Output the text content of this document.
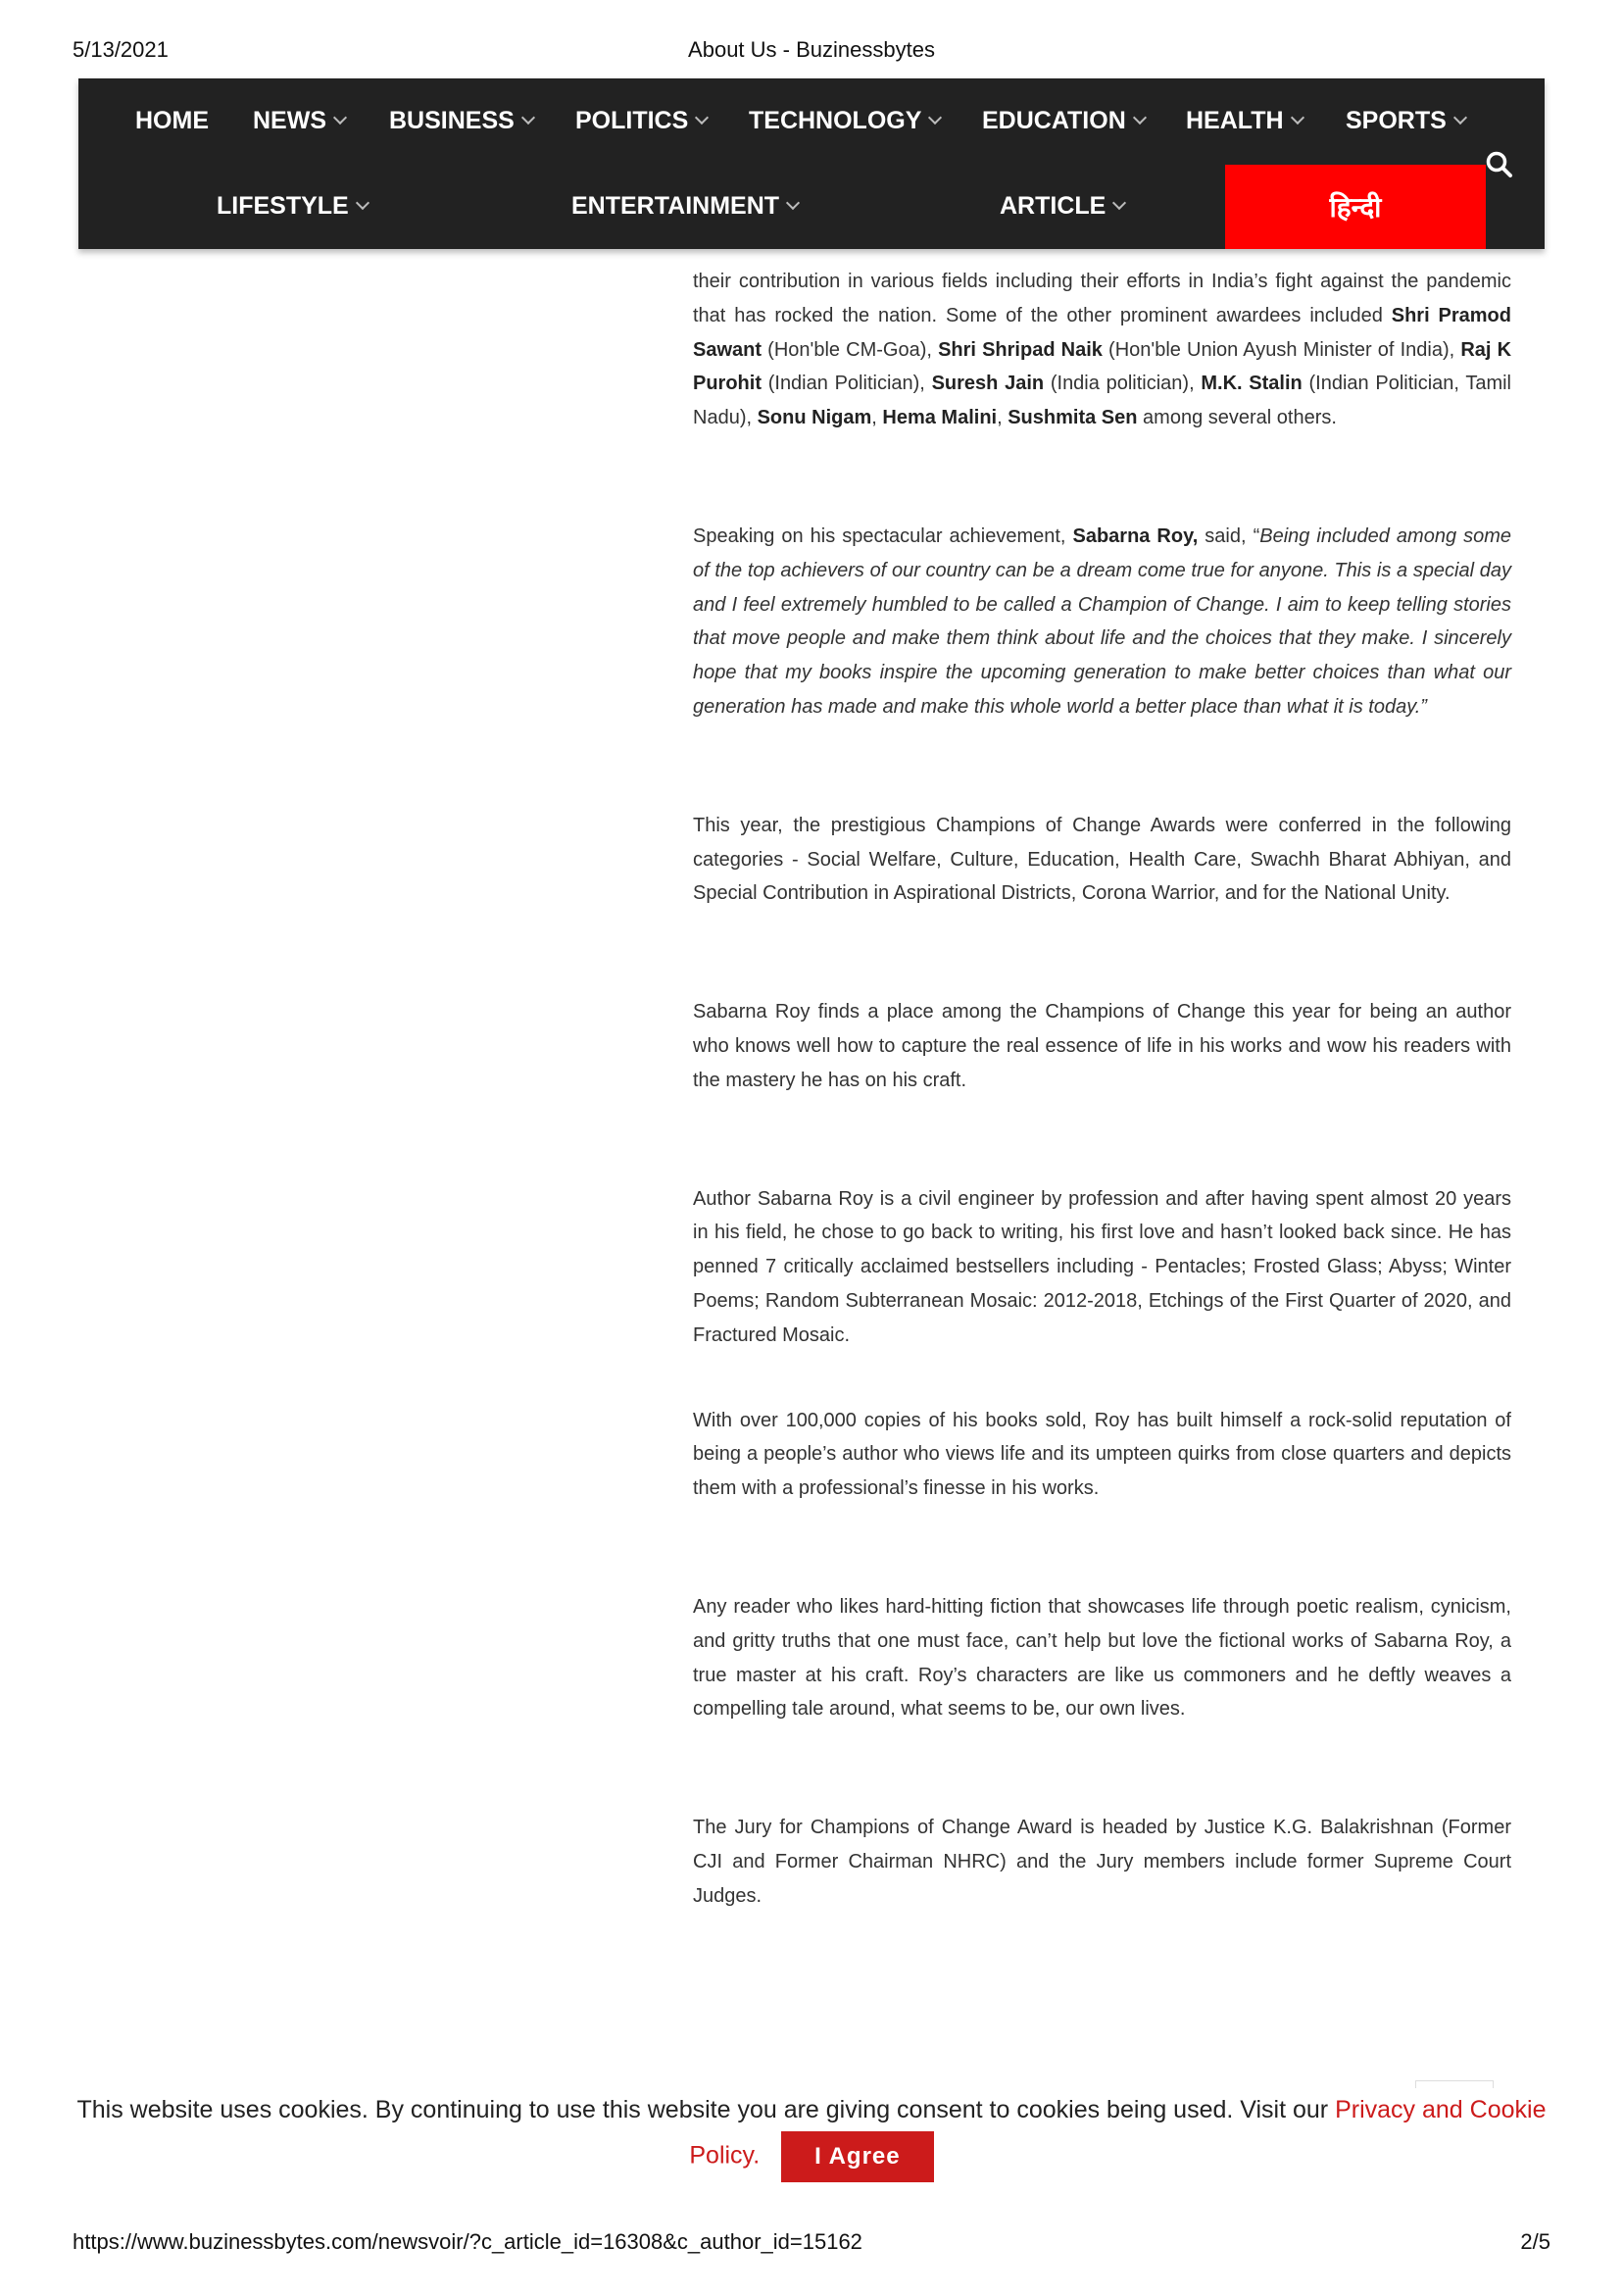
5/13/2021	About Us - Buzinessbytes

their contribution in various fields including their efforts in India’s fight against the pandemic that has rocked the nation. Some of the other prominent awardees included Shri Pramod Sawant (Hon'ble CM-Goa), Shri Shripad Naik (Hon'ble Union Ayush Minister of India), Raj K Purohit (Indian Politician), Suresh Jain (India politician), M.K. Stalin (Indian Politician, Tamil Nadu), Sonu Nigam, Hema Malini, Sushmita Sen among several others.

Speaking on his spectacular achievement, Sabarna Roy, said, “Being included among some of the top achievers of our country can be a dream come true for anyone. This is a special day and I feel extremely humbled to be called a Champion of Change. I aim to keep telling stories that move people and make them think about life and the choices that they make. I sincerely hope that my books inspire the upcoming generation to make better choices than what our generation has made and make this whole world a better place than what it is today.”

This year, the prestigious Champions of Change Awards were conferred in the following categories - Social Welfare, Culture, Education, Health Care, Swachh Bharat Abhiyan, and Special Contribution in Aspirational Districts, Corona Warrior, and for the National Unity.

Sabarna Roy finds a place among the Champions of Change this year for being an author who knows well how to capture the real essence of life in his works and wow his readers with the mastery he has on his craft.

Author Sabarna Roy is a civil engineer by profession and after having spent almost 20 years in his field, he chose to go back to writing, his first love and hasn’t looked back since. He has penned 7 critically acclaimed bestsellers including - Pentacles; Frosted Glass; Abyss; Winter Poems; Random Subterranean Mosaic: 2012-2018, Etchings of the First Quarter of 2020, and Fractured Mosaic.

With over 100,000 copies of his books sold, Roy has built himself a rock-solid reputation of being a people’s author who views life and its umpteen quirks from close quarters and depicts them with a professional’s finesse in his works.

Any reader who likes hard-hitting fiction that showcases life through poetic realism, cynicism, and gritty truths that one must face, can’t help but love the fictional works of Sabarna Roy, a true master at his craft. Roy’s characters are like us commoners and he deftly weaves a compelling tale around, what seems to be, our own lives.

The Jury for Champions of Change Award is headed by Justice K.G. Balakrishnan (Former CJI and Former Chairman NHRC) and the Jury members include former Supreme Court Judges.

HOME NEWS	BUSINESS	POLITICS	TECHNOLOGY	EDUCATION	HEALTH	SPORTS
LIFESTYLE	ENTERTAINMENT	ARTICLE	हिन्दी
This website uses cookies. By continuing to use this website you are giving consent to cookies being used. Visit our Privacy and Cookie
Policy. I Agree
https://www.buzinessbytes.com/newsvoir/?c_article_id=16308&c_author_id=15162	2/5
